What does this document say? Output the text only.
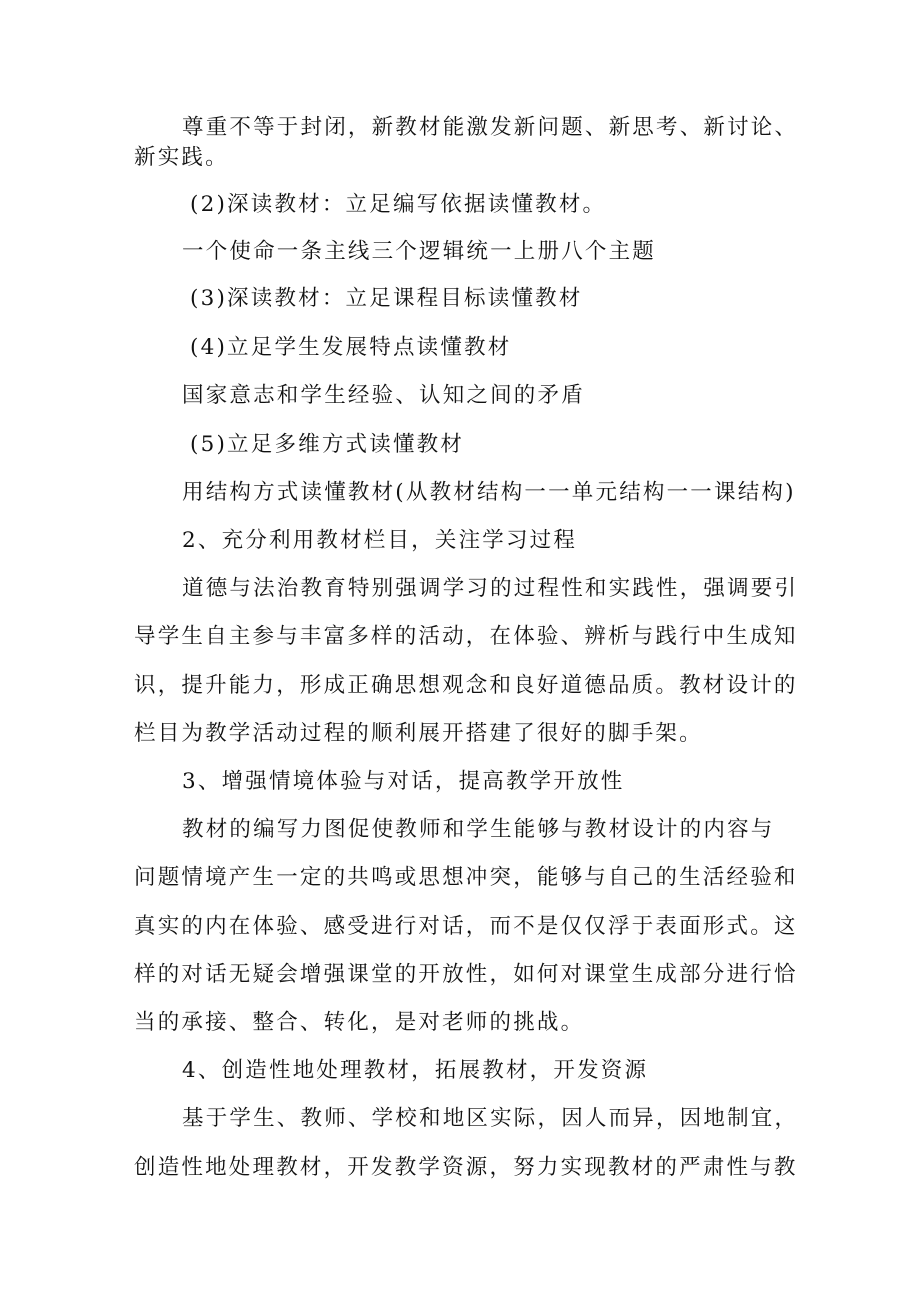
尊重不等于封闭，新教材能激发新问题、新思考、新讨论、

新实践。

(2)深读教材：立足编写依据读懂教材。

一个使命一条主线三个逻辑统一上册八个主题

(3)深读教材：立足课程目标读懂教材

(4)立足学生发展特点读懂教材

国家意志和学生经验、认知之间的矛盾

(5)立足多维方式读懂教材

用结构方式读懂教材(从教材结构一一单元结构一一课结构)

2、充分利用教材栏目，关注学习过程

道德与法治教育特别强调学习的过程性和实践性，强调要引

导学生自主参与丰富多样的活动，在体验、辨析与践行中生成知

识，提升能力，形成正确思想观念和良好道德品质。教材设计的

栏目为教学活动过程的顺利展开搭建了很好的脚手架。

3、增强情境体验与对话，提高教学开放性

教材的编写力图促使教师和学生能够与教材设计的内容与

问题情境产生一定的共鸣或思想冲突，能够与自己的生活经验和

真实的内在体验、感受进行对话，而不是仅仅浮于表面形式。这

样的对话无疑会增强课堂的开放性，如何对课堂生成部分进行恰

当的承接、整合、转化，是对老师的挑战。

4、创造性地处理教材，拓展教材，开发资源

基于学生、教师、学校和地区实际，因人而异，因地制宜，

创造性地处理教材，开发教学资源，努力实现教材的严肃性与教
